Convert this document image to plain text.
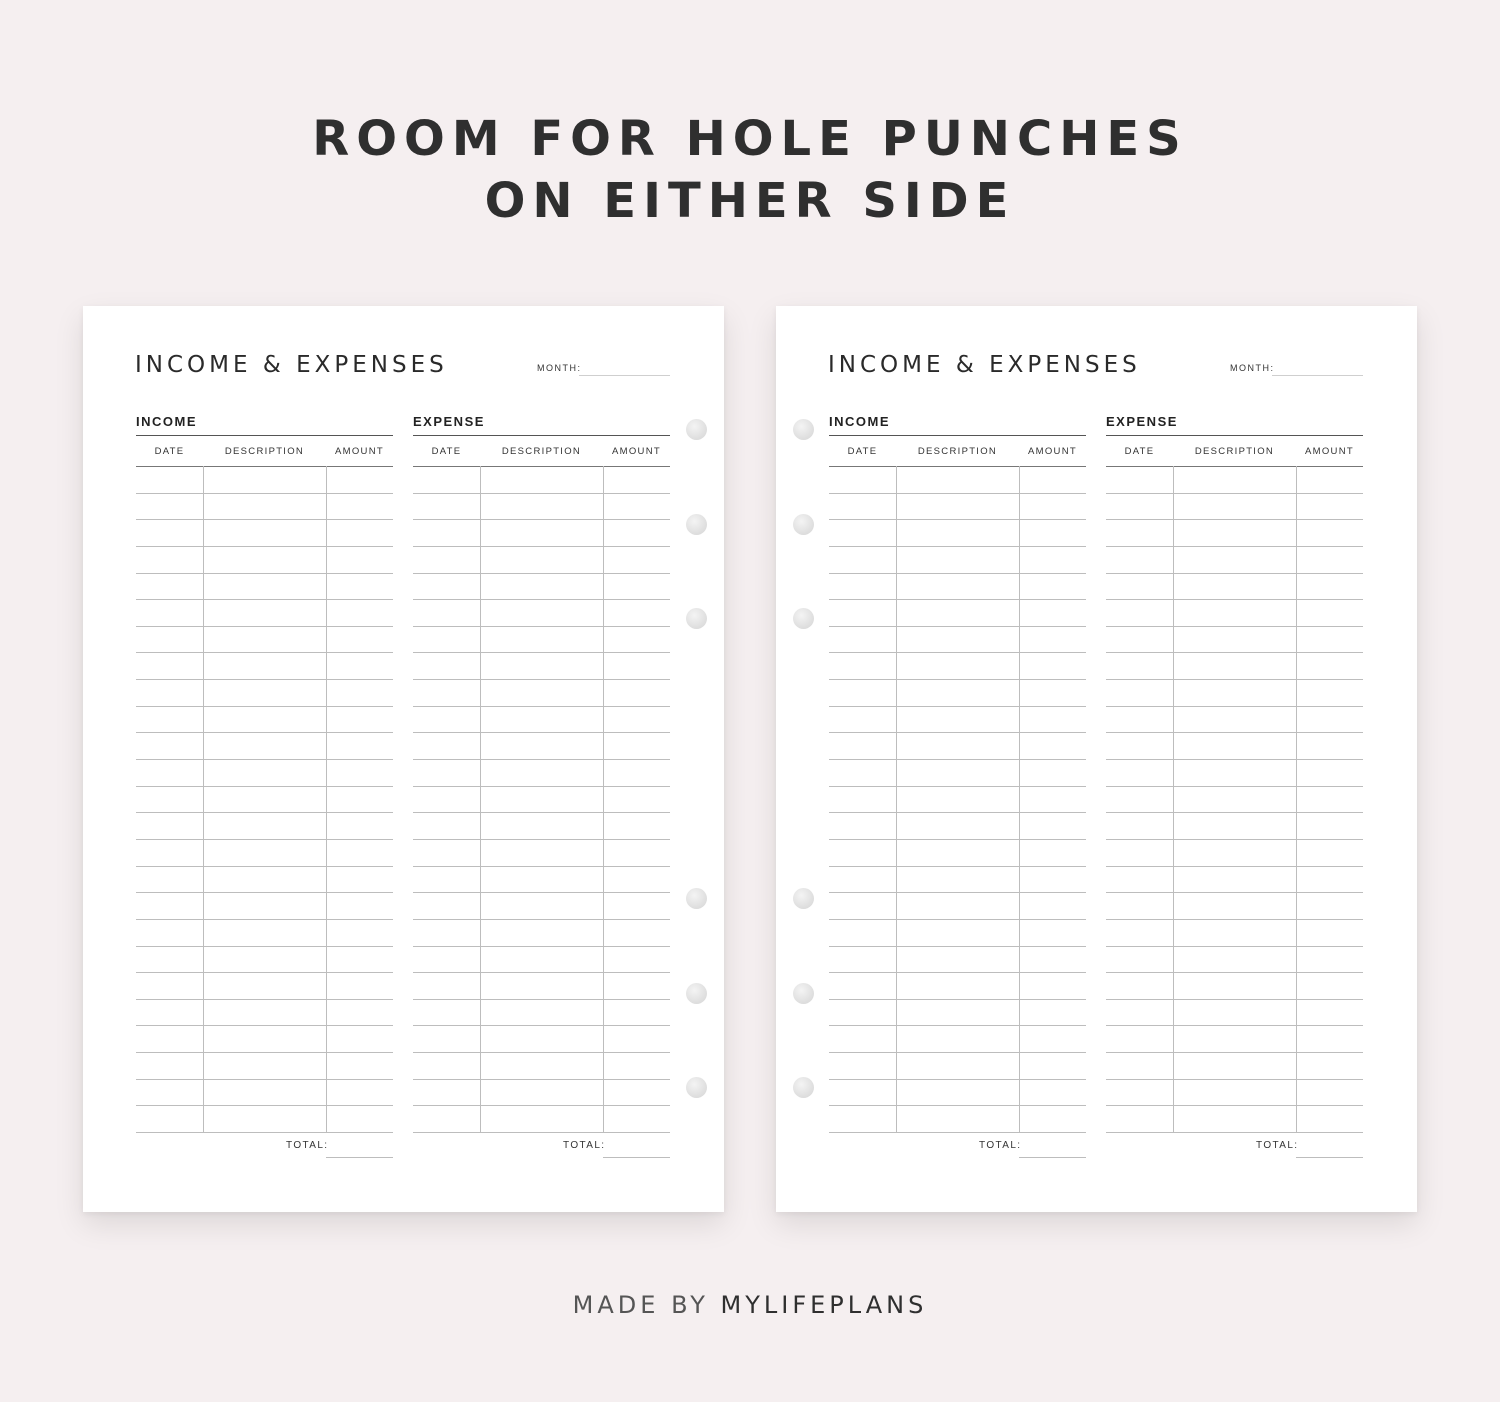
ROOM FOR HOLE PUNCHES
ON EITHER SIDE
INCOME & EXPENSES	MONTH:
INCOME
DATE	DESCRIPTION	AMOUNT
TOTAL:
EXPENSE
DATE	DESCRIPTION	AMOUNT
TOTAL:
INCOME & EXPENSES	MONTH:
INCOME
DATE	DESCRIPTION	AMOUNT
TOTAL:
EXPENSE
DATE	DESCRIPTION	AMOUNT
TOTAL:
MADE BY MYLIFEPLANS
